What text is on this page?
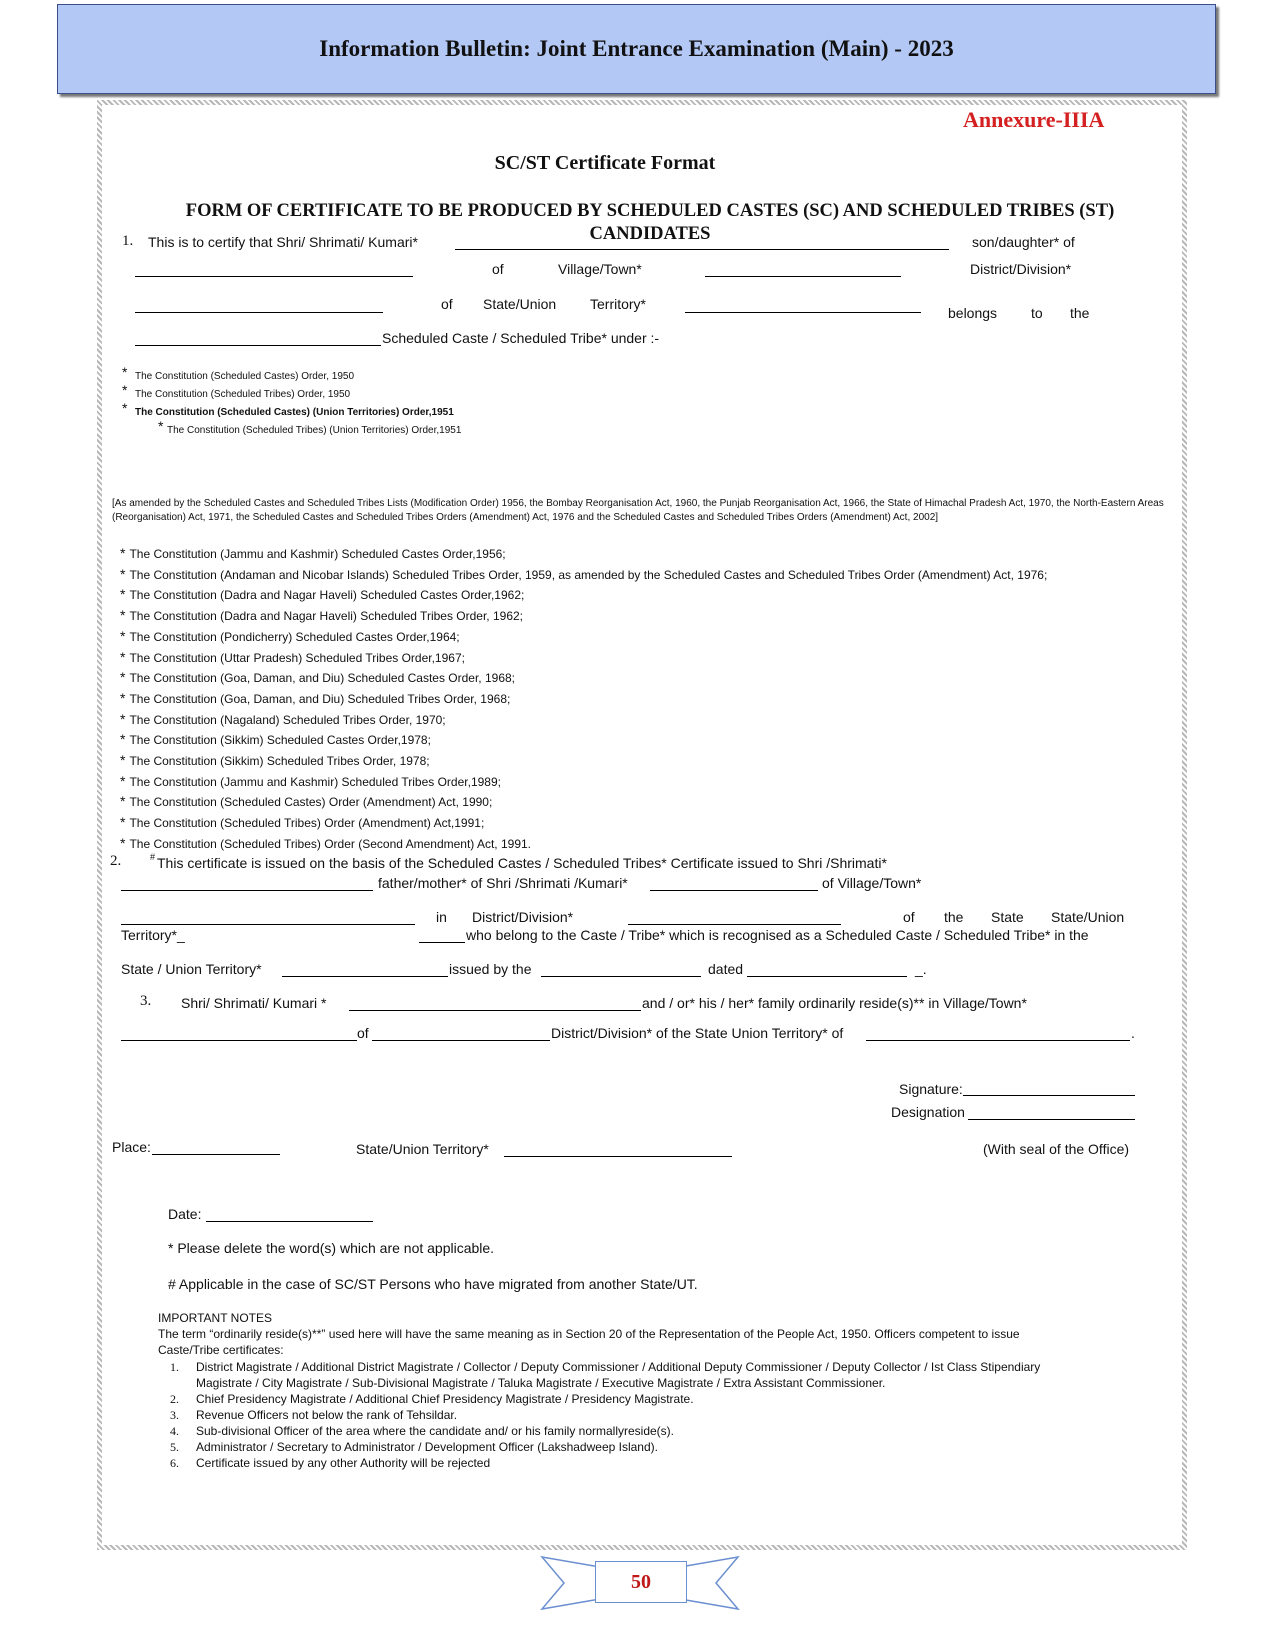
Information Bulletin: Joint Entrance Examination (Main) - 2023
Annexure-IIIA
SC/ST Certificate Format
FORM OF CERTIFICATE TO BE PRODUCED BY SCHEDULED CASTES (SC) AND SCHEDULED TRIBES (ST) CANDIDATES
1. This is to certify that Shri/ Shrimati/ Kumari*	son/daughter* of
of	Village/Town*	District/Division*
of State/Union Territory*
belongs to the
Scheduled Caste / Scheduled Tribe* under :-
* The Constitution (Scheduled Castes) Order, 1950
* The Constitution (Scheduled Tribes) Order, 1950
* The Constitution (Scheduled Castes) (Union Territories) Order,1951
* The Constitution (Scheduled Tribes) (Union Territories) Order,1951
[As amended by the Scheduled Castes and Scheduled Tribes Lists (Modification Order) 1956, the Bombay Reorganisation Act, 1960, the Punjab Reorganisation Act, 1966, the State of Himachal Pradesh Act, 1970, the North-Eastern Areas (Reorganisation) Act, 1971, the Scheduled Castes and Scheduled Tribes Orders (Amendment) Act, 1976 and the Scheduled Castes and Scheduled Tribes Orders (Amendment) Act, 2002]
* The Constitution (Jammu and Kashmir) Scheduled Castes Order,1956;
* The Constitution (Andaman and Nicobar Islands) Scheduled Tribes Order, 1959, as amended by the Scheduled Castes and Scheduled Tribes Order (Amendment) Act, 1976;
* The Constitution (Dadra and Nagar Haveli) Scheduled Castes Order,1962;
* The Constitution (Dadra and Nagar Haveli) Scheduled Tribes Order, 1962;
* The Constitution (Pondicherry) Scheduled Castes Order,1964;
* The Constitution (Uttar Pradesh) Scheduled Tribes Order,1967;
* The Constitution (Goa, Daman, and Diu) Scheduled Castes Order, 1968;
* The Constitution (Goa, Daman, and Diu) Scheduled Tribes Order, 1968;
* The Constitution (Nagaland) Scheduled Tribes Order, 1970;
* The Constitution (Sikkim) Scheduled Castes Order,1978;
* The Constitution (Sikkim) Scheduled Tribes Order, 1978;
* The Constitution (Jammu and Kashmir) Scheduled Tribes Order,1989;
* The Constitution (Scheduled Castes) Order (Amendment) Act, 1990;
* The Constitution (Scheduled Tribes) Order (Amendment) Act,1991;
* The Constitution (Scheduled Tribes) Order (Second Amendment) Act, 1991.
2.	# This certificate is issued on the basis of the Scheduled Castes / Scheduled Tribes* Certificate issued to Shri /Shrimati*
father/mother* of Shri /Shrimati /Kumari*	of Village/Town*
in District/Division*	of the State State/Union
Territory*_	who belong to the Caste / Tribe* which is recognised as a Scheduled Caste / Scheduled Tribe* in the
State / Union Territory*	issued by the	dated	_.
3. Shri/ Shrimati/ Kumari *	and / or* his / her* family ordinarily reside(s)** in Village/Town*
of	District/Division* of the State Union Territory* of	.
Signature:
Designation
Place:	State/Union Territory*	(With seal of the Office)
Date:
* Please delete the word(s) which are not applicable.
# Applicable in the case of SC/ST Persons who have migrated from another State/UT.
IMPORTANT NOTES
The term “ordinarily reside(s)**” used here will have the same meaning as in Section 20 of the Representation of the People Act, 1950. Officers competent to issue Caste/Tribe certificates:
1. District Magistrate / Additional District Magistrate / Collector / Deputy Commissioner / Additional Deputy Commissioner / Deputy Collector / Ist Class Stipendiary Magistrate / City Magistrate / Sub-Divisional Magistrate / Taluka Magistrate / Executive Magistrate / Extra Assistant Commissioner.
2. Chief Presidency Magistrate / Additional Chief Presidency Magistrate / Presidency Magistrate.
3. Revenue Officers not below the rank of Tehsildar.
4. Sub-divisional Officer of the area where the candidate and/ or his family normallyreside(s).
5. Administrator / Secretary to Administrator / Development Officer (Lakshadweep Island).
6. Certificate issued by any other Authority will be rejected
50
